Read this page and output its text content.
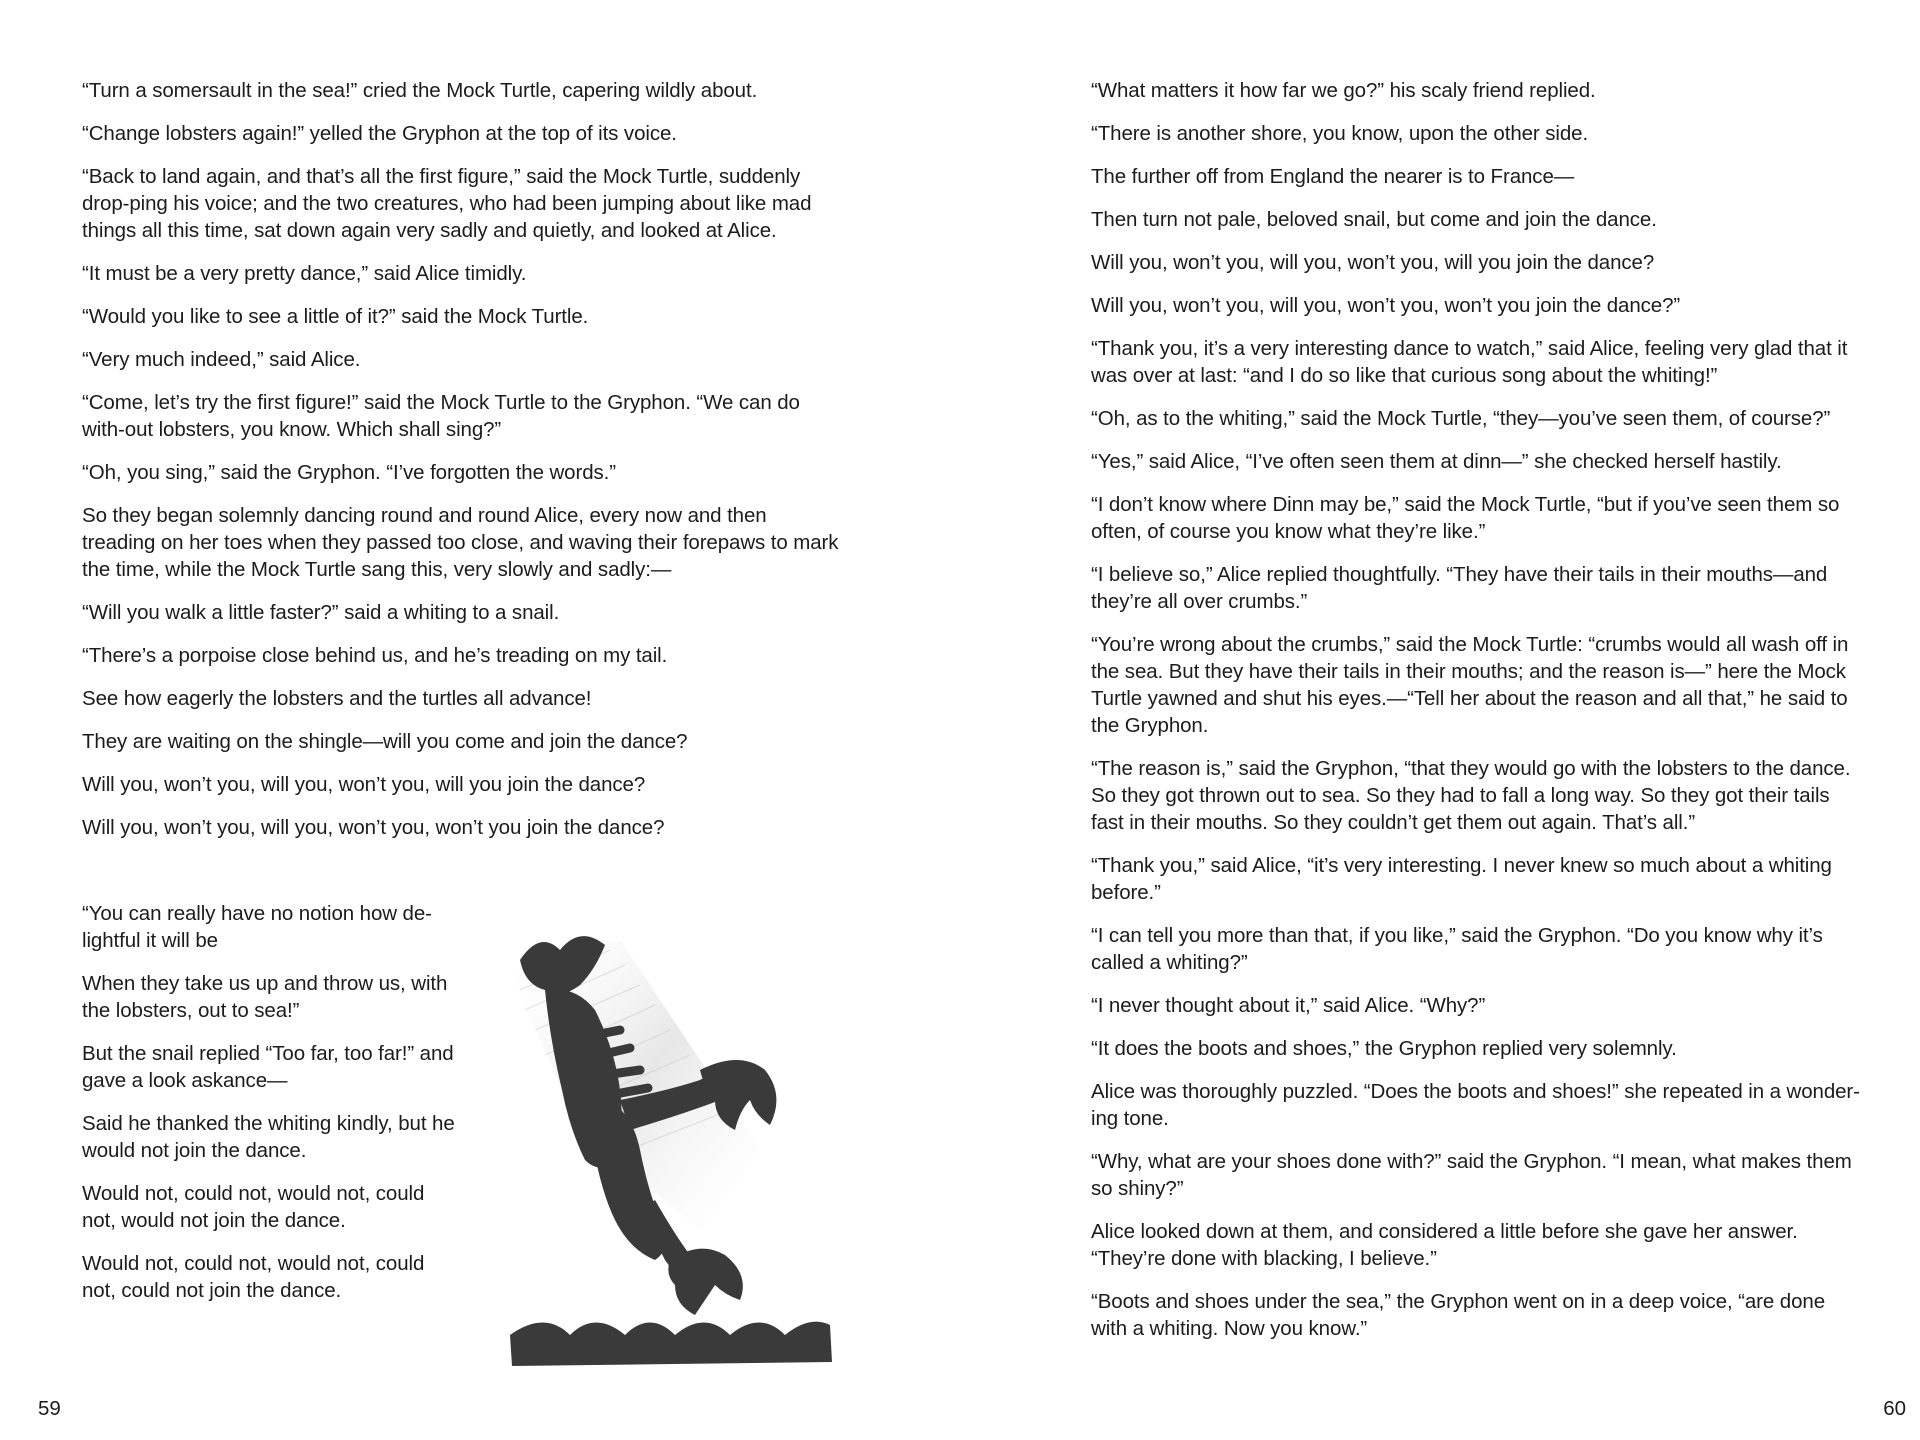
“Turn a somersault in the sea!” cried the Mock Turtle, capering wildly about.

“Change lobsters again!” yelled the Gryphon at the top of its voice.

“Back to land again, and that’s all the first figure,” said the Mock Turtle, suddenly drop-ping his voice; and the two creatures, who had been jumping about like mad things all this time, sat down again very sadly and quietly, and looked at Alice.

“It must be a very pretty dance,” said Alice timidly.

“Would you like to see a little of it?” said the Mock Turtle.

“Very much indeed,” said Alice.

“Come, let’s try the first figure!” said the Mock Turtle to the Gryphon. “We can do with-out lobsters, you know. Which shall sing?”

“Oh, you sing,” said the Gryphon. “I’ve forgotten the words.”

So they began solemnly dancing round and round Alice, every now and then treading on her toes when they passed too close, and waving their forepaws to mark the time, while the Mock Turtle sang this, very slowly and sadly:—

“Will you walk a little faster?” said a whiting to a snail.

“There’s a porpoise close behind us, and he’s treading on my tail.

See how eagerly the lobsters and the turtles all advance!

They are waiting on the shingle—will you come and join the dance?

Will you, won’t you, will you, won’t you, will you join the dance?

Will you, won’t you, will you, won’t you, won’t you join the dance?

“You can really have no notion how de-lightful it will be

When they take us up and throw us, with the lobsters, out to sea!”

But the snail replied “Too far, too far!” and gave a look askance—

Said he thanked the whiting kindly, but he would not join the dance.

Would not, could not, would not, could not, would not join the dance.

Would not, could not, would not, could not, could not join the dance.

59

“What matters it how far we go?” his scaly friend replied.

“There is another shore, you know, upon the other side.

The further off from England the nearer is to France—

Then turn not pale, beloved snail, but come and join the dance.

Will you, won’t you, will you, won’t you, will you join the dance?

Will you, won’t you, will you, won’t you, won’t you join the dance?”

“Thank you, it’s a very interesting dance to watch,” said Alice, feeling very glad that it was over at last: “and I do so like that curious song about the whiting!”

“Oh, as to the whiting,” said the Mock Turtle, “they—you’ve seen them, of course?”

“Yes,” said Alice, “I’ve often seen them at dinn—” she checked herself hastily.

“I don’t know where Dinn may be,” said the Mock Turtle, “but if you’ve seen them so often, of course you know what they’re like.”

“I believe so,” Alice replied thoughtfully. “They have their tails in their mouths—and they’re all over crumbs.”

“You’re wrong about the crumbs,” said the Mock Turtle: “crumbs would all wash off in the sea. But they have their tails in their mouths; and the reason is—” here the Mock Turtle yawned and shut his eyes.—“Tell her about the reason and all that,” he said to the Gryphon.

“The reason is,” said the Gryphon, “that they would go with the lobsters to the dance. So they got thrown out to sea. So they had to fall a long way. So they got their tails fast in their mouths. So they couldn’t get them out again. That’s all.”

“Thank you,” said Alice, “it’s very interesting. I never knew so much about a whiting before.”

“I can tell you more than that, if you like,” said the Gryphon. “Do you know why it’s called a whiting?”

“I never thought about it,” said Alice. “Why?”

“It does the boots and shoes,” the Gryphon replied very solemnly.

Alice was thoroughly puzzled. “Does the boots and shoes!” she repeated in a wonder-ing tone.

“Why, what are your shoes done with?” said the Gryphon. “I mean, what makes them so shiny?”

Alice looked down at them, and considered a little before she gave her answer. “They’re done with blacking, I believe.”

“Boots and shoes under the sea,” the Gryphon went on in a deep voice, “are done with a whiting. Now you know.”

60
